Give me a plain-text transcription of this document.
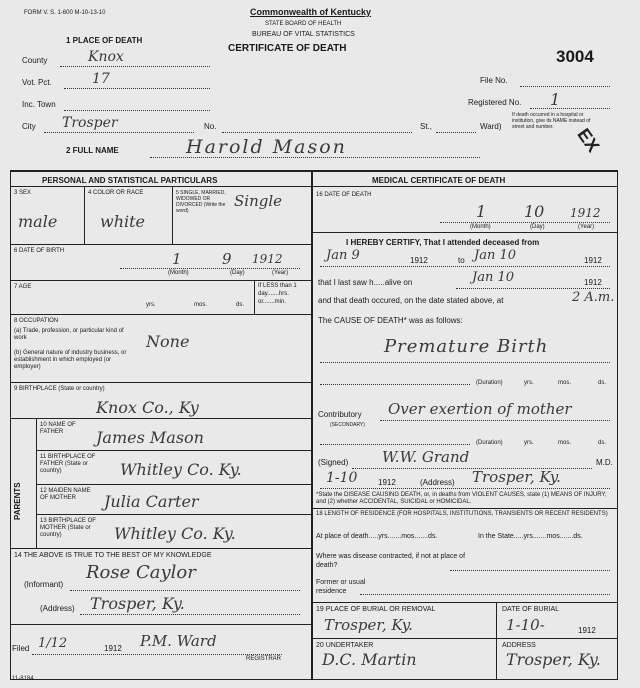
FORM V. S. 1-600 M-10-13-10	Commonwealth of Kentucky
STATE BOARD OF HEALTH
BUREAU OF VITAL STATISTICS
CERTIFICATE OF DEATH	3004
1 PLACE OF DEATH
County	Knox
Vot. Pct.	17	File No.
Inc. Town	Registered No. 1
City Trosper	No.	St.,	Ward)
If death occurred in a hospital or institution, give its NAME instead of street and number.	EX
2 FULL NAME	Harold Mason
PERSONAL AND STATISTICAL PARTICULARS	MEDICAL CERTIFICATE OF DEATH
3 SEX
male
4 COLOR OR RACE
white
5 SINGLE, MARRIED, WIDOWED OR DIVORCED (Write the word)
Single
6 DATE OF BIRTH	1	9 1912
(Month)	(Day)	(Year)
7 AGE
yrs.	mos.	ds.
If LESS than 1 day.......hrs. or.......min.
8 OCCUPATION
(a) Trade, profession, or particular kind of work
(b) General nature of industry business, or establishment in which employed (or employer)
None
9 BIRTHPLACE (State or country)
Knox Co., Ky
PARENTS
10 NAME OF FATHER	James Mason
11 BIRTHPLACE OF FATHER (State or country)	Whitley Co. Ky.
12 MAIDEN NAME OF MOTHER	Julia Carter
13 BIRTHPLACE OF MOTHER (State or country)	Whitley Co. Ky.
14 THE ABOVE IS TRUE TO THE BEST OF MY KNOWLEDGE
(Informant)
Rose Caylor
(Address) Trosper, Ky.
Filed 1/12	1912 P.M. Ward
REGISTRAR
16 DATE OF DEATH
1 10 1912
(Month)	(Day)	(Year)
I HEREBY CERTIFY, That I attended deceased from
Jan 9	1912	to Jan 10	1912
that I last saw h.....alive on	Jan 10	1912
and that death occured, on the date stated above, at	2 A.m.
The CAUSE OF DEATH* was as follows:
Premature Birth
(Duration)	yrs.	mos.	ds.
Contributory
(SECONDARY)
Over exertion of mother
(Duration)	yrs.	mos.	ds.
(Signed) W.W. Grand	M.D.
1-10	1912	(Address) Trosper, Ky.
*State the DISEASE CAUSING DEATH, or, in deaths from VIOLENT CAUSES, state (1) MEANS OF INJURY; and (2) whether ACCIDENTAL, SUICIDAL or HOMICIDAL.
18 LENGTH OF RESIDENCE (FOR HOSPITALS, INSTITUTIONS, TRANSIENTS OR RECENT RESIDENTS)
At place of death.....yrs.......mos.......ds.	In the State.....yrs.......mos.......ds.
Where was disease contracted, if not at place of death?
Former or usual residence
19 PLACE OF BURIAL OR REMOVAL
Trosper, Ky.
DATE OF BURIAL
1-10-	1912
20 UNDERTAKER
D.C. Martin
ADDRESS
Trosper, Ky.
